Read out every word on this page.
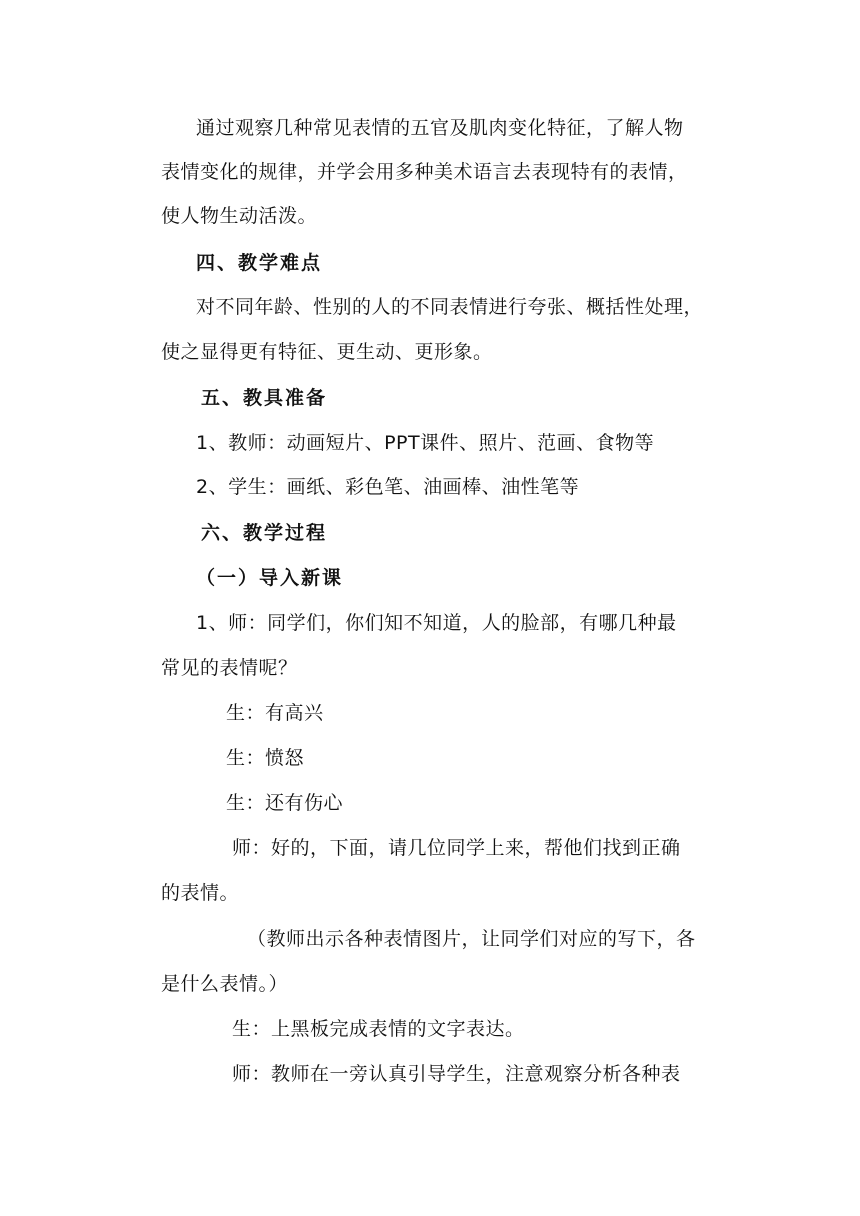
通过观察几种常见表情的五官及肌肉变化特征，了解人物
表情变化的规律，并学会用多种美术语言去表现特有的表情，
使人物生动活泼。
四、教学难点
对不同年龄、性别的人的不同表情进行夸张、概括性处理，
使之显得更有特征、更生动、更形象。
五、教具准备
1、教师：动画短片、PPT课件、照片、范画、食物等
2、学生：画纸、彩色笔、油画棒、油性笔等
六、教学过程
（一）导入新课
1、师：同学们，你们知不知道，人的脸部，有哪几种最
常见的表情呢？
生：有高兴
生：愤怒
生：还有伤心
师：好的，下面，请几位同学上来，帮他们找到正确
的表情。
（教师出示各种表情图片，让同学们对应的写下，各
是什么表情。）
生：上黑板完成表情的文字表达。
师：教师在一旁认真引导学生，注意观察分析各种表
